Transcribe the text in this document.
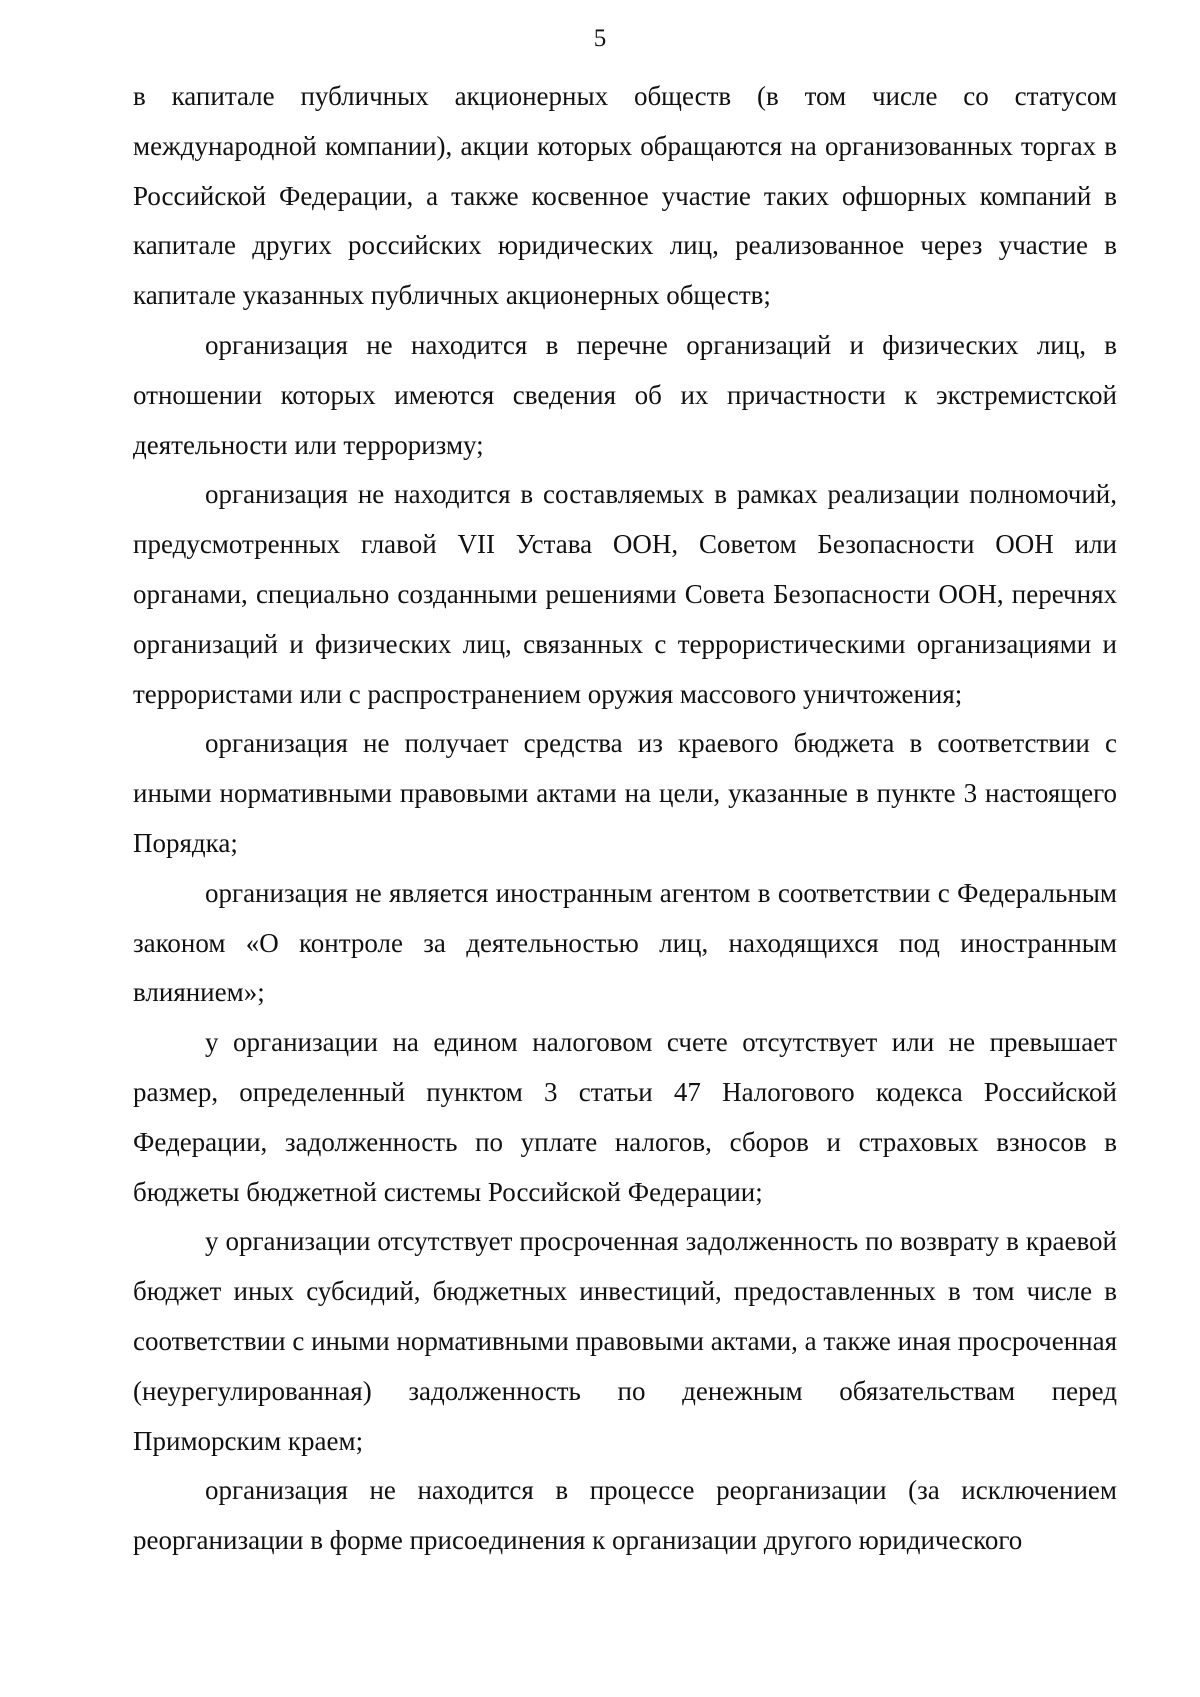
5

в капитале публичных акционерных обществ (в том числе со статусом международной компании), акции которых обращаются на организованных торгах в Российской Федерации, а также косвенное участие таких офшорных компаний в капитале других российских юридических лиц, реализованное через участие в капитале указанных публичных акционерных обществ;

организация не находится в перечне организаций и физических лиц, в отношении которых имеются сведения об их причастности к экстремистской деятельности или терроризму;

организация не находится в составляемых в рамках реализации полномочий, предусмотренных главой VII Устава ООН, Советом Безопасности ООН или органами, специально созданными решениями Совета Безопасности ООН, перечнях организаций и физических лиц, связанных с террористическими организациями и террористами или с распространением оружия массового уничтожения;

организация не получает средства из краевого бюджета в соответствии с иными нормативными правовыми актами на цели, указанные в пункте 3 настоящего Порядка;

организация не является иностранным агентом в соответствии с Федеральным законом «О контроле за деятельностью лиц, находящихся под иностранным влиянием»;

у организации на едином налоговом счете отсутствует или не превышает размер, определенный пунктом 3 статьи 47 Налогового кодекса Российской Федерации, задолженность по уплате налогов, сборов и страховых взносов в бюджеты бюджетной системы Российской Федерации;

у организации отсутствует просроченная задолженность по возврату в краевой бюджет иных субсидий, бюджетных инвестиций, предоставленных в том числе в соответствии с иными нормативными правовыми актами, а также иная просроченная (неурегулированная) задолженность по денежным обязательствам перед Приморским краем;

организация не находится в процессе реорганизации (за исключением реорганизации в форме присоединения к организации другого юридического
